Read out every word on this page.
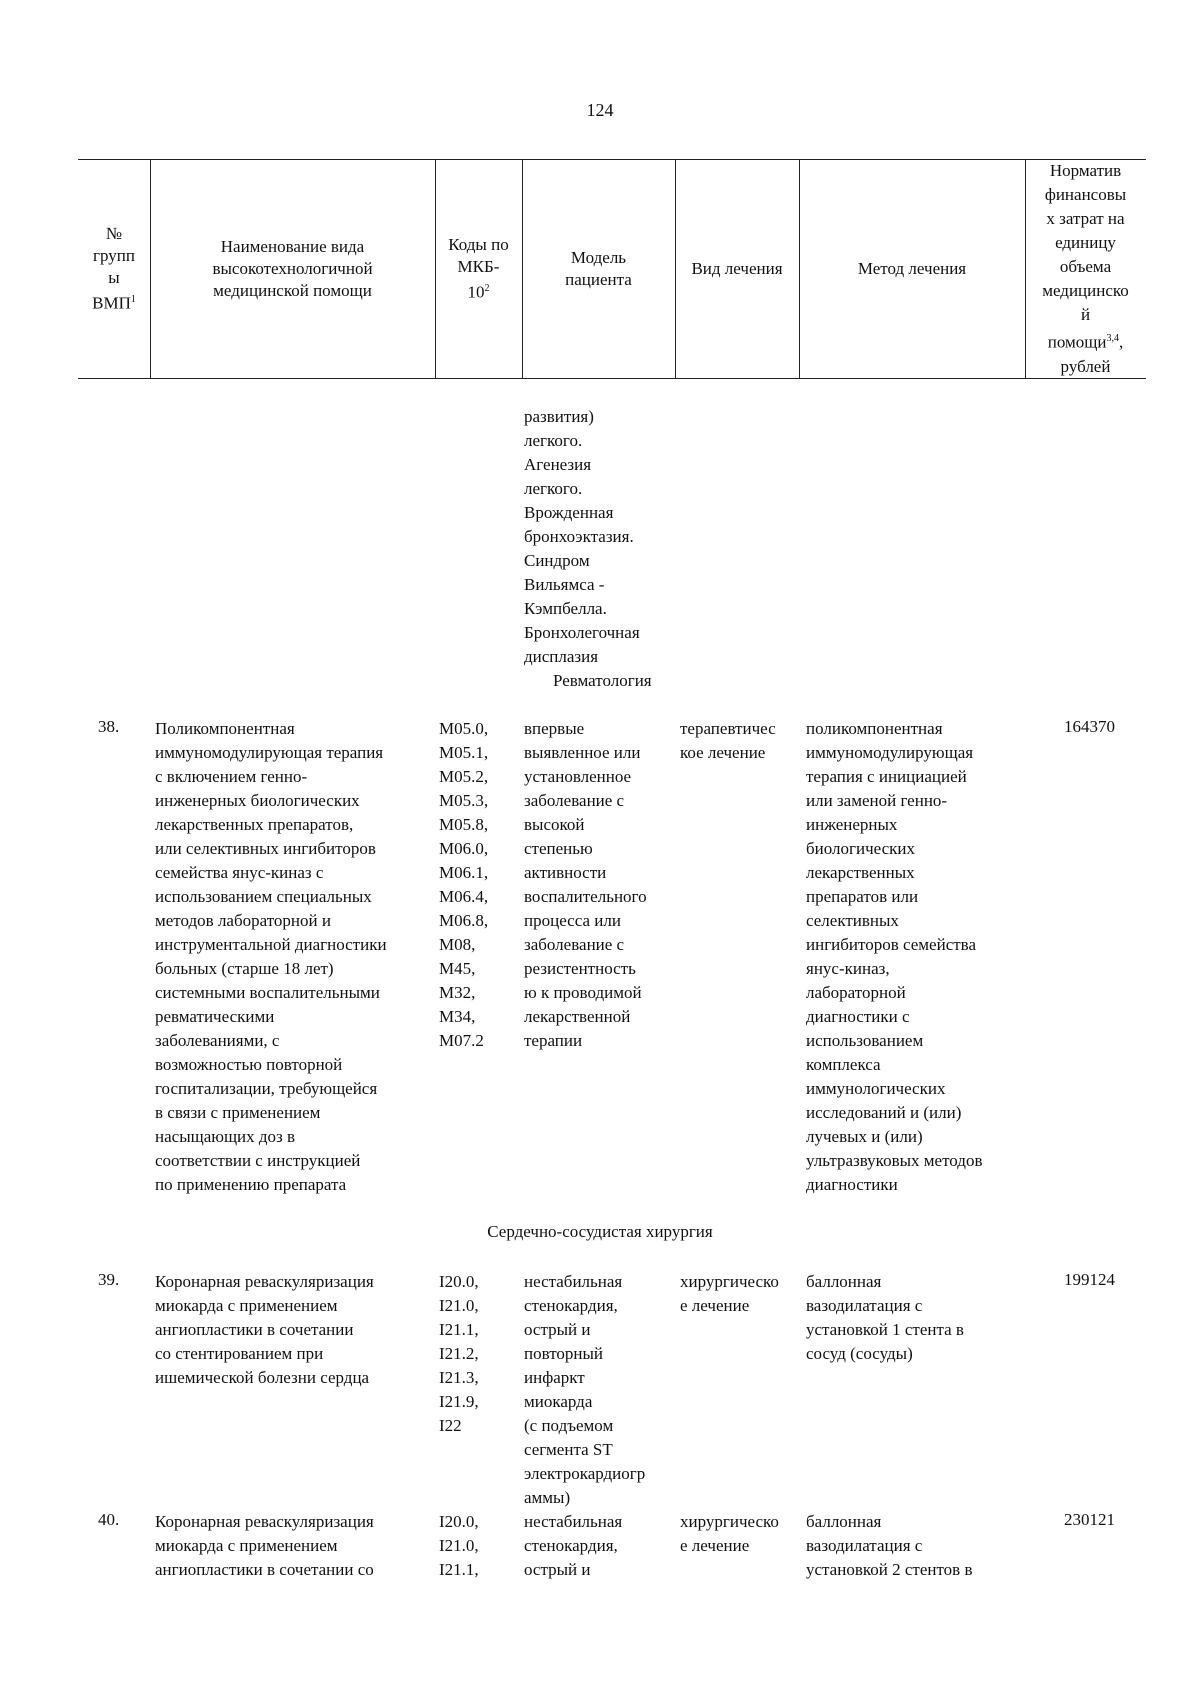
124
№
групп
ы
ВМП$^1$
Наименование вида
высокотехнологичной
медицинской помощи
Коды по
МКБ-
$10^2$
Модель
пациента
Вид лечения	Метод лечения
Норматив
финансовы
х затрат на
единицу
объема
медицинско
й
помощи$^{3,4}$,
рублей
развития)
легкого.
Агенезия
легкого.
Врожденная
бронхоэктазия.
Синдром
Вильямса -
Кэмпбелла.
Бронхолегочная
дисплазия
Ревматология
38. Поликомпонентная
иммуномодулирующая терапия
с включением генно-
инженерных биологических
лекарственных препаратов,
или селективных ингибиторов
семейства янус-киназ с
использованием специальных
методов лабораторной и
инструментальной диагностики
больных (старше 18 лет)
системными воспалительными
ревматическими
заболеваниями, с
возможностью повторной
госпитализации, требующейся
в связи с применением
насыщающих доз в
соответствии с инструкцией
по применению препарата
M05.0,
M05.1,
M05.2,
M05.3,
M05.8,
M06.0,
M06.1,
M06.4,
M06.8,
M08,
M45,
M32,
M34,
M07.2
впервые
выявленное или
установленное
заболевание с
высокой
степенью
активности
воспалительного
процесса или
заболевание с
резистентность
ю к проводимой
лекарственной
терапии
терапевтичес
кое лечение
поликомпонентная
иммуномодулирующая
терапия с инициацией
или заменой генно-
инженерных
биологических
лекарственных
препаратов или
селективных
ингибиторов семейства
янус-киназ,
лабораторной
диагностики с
использованием
комплекса
иммунологических
исследований и (или)
лучевых и (или)
ультразвуковых методов
диагностики
164370
Сердечно-сосудистая хирургия
39. Коронарная реваскуляризация
миокарда с применением
ангиопластики в сочетании
со стентированием при
ишемической болезни сердца
I20.0,
I21.0,
I21.1,
I21.2,
I21.3,
I21.9,
I22
нестабильная
стенокардия,
острый и
повторный
инфаркт
миокарда
(с подъемом
сегмента ST
электрокардиогр
аммы)
хирургическо
е лечение
баллонная
вазодилатация с
установкой 1 стента в
сосуд (сосуды)
199124
40. Коронарная реваскуляризация
миокарда с применением
ангиопластики в сочетании со
I20.0,
I21.0,
I21.1,
нестабильная
стенокардия,
острый и
хирургическо
е лечение
баллонная
вазодилатация с
установкой 2 стентов в
230121
